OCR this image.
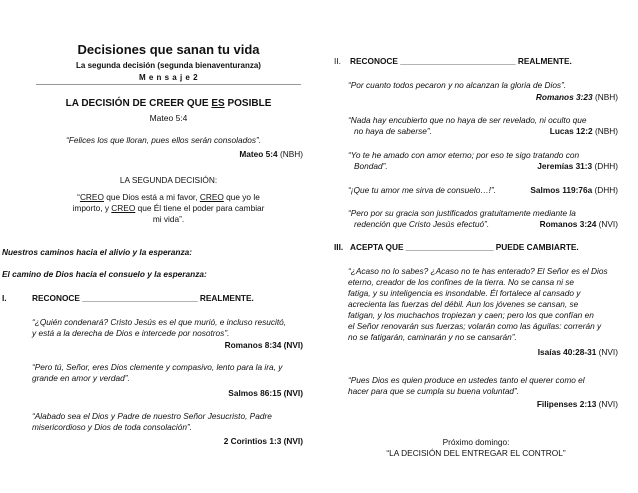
Decisiones que sanan tu vida
La segunda decisión (segunda bienaventuranza)
M e n s a j e 2
LA DECISIÓN DE CREER QUE ES POSIBLE
Mateo 5:4
“Felices los que lloran, pues ellos serán consolados”.
Mateo 5:4 (NBH)
LA SEGUNDA DECISIÓN:
“CREO que Dios está a mi favor, CREO que yo le
importo, y CREO que Él tiene el poder para cambiar
mi vida”.
Nuestros caminos hacia el alivio y la esperanza:
El camino de Dios hacia el consuelo y la esperanza:
I.	RECONOCE _________________________ REALMENTE.
“¿Quién condenará? Cristo Jesús es el que murió, e incluso resucitó,
y está a la derecha de Dios e intercede por nosotros”.
Romanos 8:34 (NVI)
“Pero tú, Señor, eres Dios clemente y compasivo, lento para la ira, y
grande en amor y verdad”.
Salmos 86:15 (NVI)
“Alabado sea el Dios y Padre de nuestro Señor Jesucristo, Padre
misericordioso y Dios de toda consolación”.
2 Corintios 1:3 (NVI)
II. RECONOCE _________________________ REALMENTE.
“Por cuanto todos pecaron y no alcanzan la gloria de Dios”.
Romanos 3:23 (NBH)
“Nada hay encubierto que no haya de ser revelado, ni oculto que
no haya de saberse”.	Lucas 12:2 (NBH)
“Yo te he amado con amor eterno; por eso te sigo tratando con
Bondad”.	Jeremías 31:3 (DHH)
“¡Que tu amor me sirva de consuelo…!”.	Salmos 119:76a (DHH)
“Pero por su gracia son justificados gratuitamente mediante la
redención que Cristo Jesús efectuó”.	Romanos 3:24 (NVI)
III. ACEPTA QUE ___________________ PUEDE CAMBIARTE.
“¿Acaso no lo sabes? ¿Acaso no te has enterado? El Señor es el Dios
eterno, creador de los confines de la tierra. No se cansa ni se
fatiga, y su inteligencia es insondable. Él fortalece al cansado y
acrecienta las fuerzas del débil. Aun los jóvenes se cansan, se
fatigan, y los muchachos tropiezan y caen; pero los que confían en
el Señor renovarán sus fuerzas; volarán como las águilas: correrán y
no se fatigarán, caminarán y no se cansarán”.
Isaías 40:28-31 (NVI)
“Pues Dios es quien produce en ustedes tanto el querer como el
hacer para que se cumpla su buena voluntad”.
Filipenses 2:13 (NVI)
Próximo domingo:
“LA DECISIÓN DEL ENTREGAR EL CONTROL”
